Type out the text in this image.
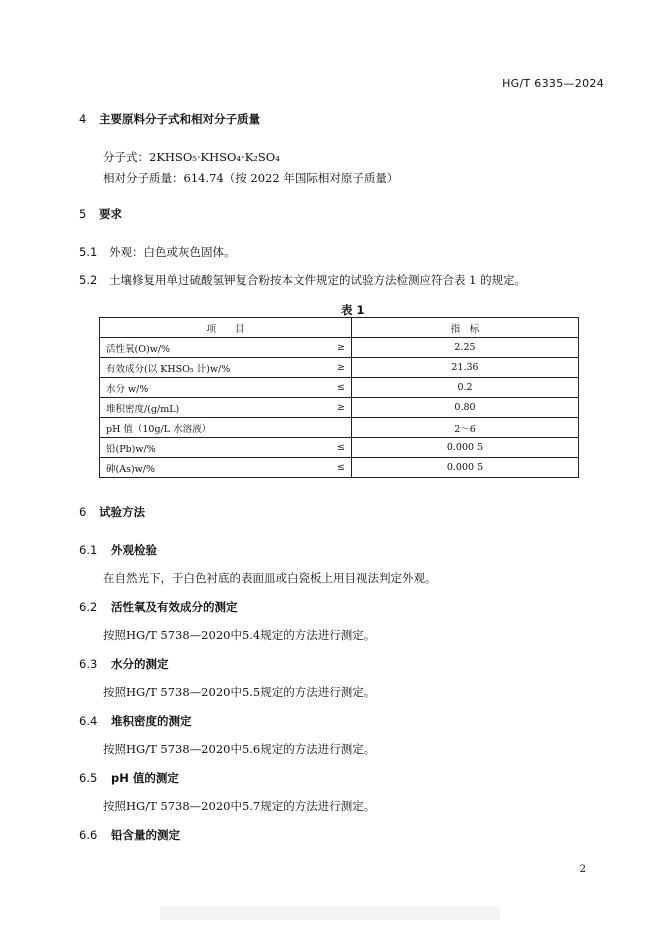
HG/T 6335—2024
4 主要原料分子式和相对分子质量
分子式：2KHSO₅·KHSO₄·K₂SO₄
相对分子质量：614.74（按 2022 年国际相对原子质量）
5 要求
5.1 外观：白色或灰色固体。
5.2 土壤修复用单过硫酸氢钾复合粉按本文件规定的试验方法检测应符合表 1 的规定。
表 1
项　　目		指　标
活性氧(O)w/%	≥	2.25
有效成分(以 KHSO₅ 计)w/%	≥	21.36
水分 w/%	≤	0.2
堆积密度/(g/mL)	≥	0.80
pH 值（10g/L 水溶液）		2～6
铅(Pb)w/%	≤	0.000 5
砷(As)w/%	≤	0.000 5
6 试验方法
6.1 外观检验
在自然光下，于白色衬底的表面皿或白瓷板上用目视法判定外观。
6.2 活性氧及有效成分的测定
按照HG/T 5738—2020中5.4规定的方法进行测定。
6.3 水分的测定
按照HG/T 5738—2020中5.5规定的方法进行测定。
6.4 堆积密度的测定
按照HG/T 5738—2020中5.6规定的方法进行测定。
6.5 pH 值的测定
按照HG/T 5738—2020中5.7规定的方法进行测定。
6.6 铅含量的测定
2
